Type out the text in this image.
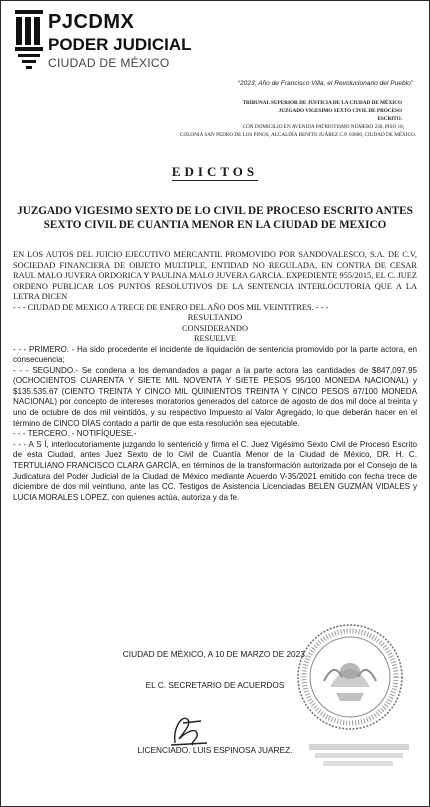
PJCDMX
PODER JUDICIAL
CIUDAD DE MÉXICO
“2023; Año de Francisco Villa, el Revolucionario del Pueblo”
TRIBUNAL SUPERIOR DE JUSTICIA DE LA CIUDAD DE MÉXICO
JUZGADO VIGESIMO SEXTO CIVIL DE PROCESO
ESCRITO.
CON DOMICILIO EN AVENIDA PATRIOTISMO NÚMERO 230, PISO 18,
COLONIA SAN PEDRO DE LOS PINOS, ALCALDÍA BENITO JUÁREZ C.P. 03800, CIUDAD DE MÉXICO.
EDICTOS
JUZGADO VIGESIMO SEXTO DE LO CIVIL DE PROCESO ESCRITO ANTES SEXTO CIVIL DE CUANTIA MENOR EN LA CIUDAD DE MEXICO

EN LOS AUTOS DEL JUICIO EJECUTIVO MERCANTIL PROMOVIDO POR SANDOVALESCO, S.A. DE C.V, SOCIEDAD FINANCIERA DE OBJETO MULTIPLE, ENTIDAD NO REGULADA, EN CONTRA DE CESAR RAUL MALO JUVERA ORDORICA Y PAULINA MALO JUVERA GARCIA. EXPEDIENTE 955/2015, EL C. JUEZ ORDENO PUBLICAR LOS PUNTOS RESOLUTIVOS DE LA SENTENCIA INTERLOCUTORIA QUE A LA LETRA DICEN

- - - CIUDAD DE MEXICO A TRECE DE ENERO DEL AÑO DOS MIL VEINTITRES. - - -

RESULTANDO

CONSIDERANDO

RESUELVE

- - - PRIMERO. - Ha sido procedente el incidente de liquidación de sentencia promovido por la parte actora, en consecuencia;

- - - SEGUNDO.- Se condena a los demandados a pagar a la parte actora las cantidades de $847,097.95 (OCHOCIENTOS CUARENTA Y SIETE MIL NOVENTA Y SIETE PESOS 95/100 MONEDA NACIONAL) y $135.535.67 (CIENTO TREINTA Y CINCO MIL QUINIENTOS TREINTA Y CINCO PESOS 67/100 MONEDA NACIONAL) por concepto de intereses moratorios generados del catorce de agosto de dos mil doce al treinta y uno de octubre de dos mil veintidós, y su respectivo Impuesto al Valor Agregado, lo que deberán hacer en el término de CINCO DÍAS contado a partir de que esta resolución sea ejecutable.

- - - TERCERO. - NOTIFÍQUESE.-

- - - A S Í, interlocutoriamente juzgando lo sentenció y firma el C. Juez Vigésimo Sexto Civil de Proceso Escrito de esta Ciudad, antes Juez Sexto de lo Civil de Cuantía Menor de la Ciudad de México, DR. H. C. TERTULIANO FRANCISCO CLARA GARCÍA, en términos de la transformación autorizada por el Consejo de la Judicatura del Poder Judicial de la Ciudad de México mediante Acuerdo V-35/2021 emitido con fecha trece de diciembre de dos mil veintiuno, ante las CC. Testigos de Asistencia Licenciadas BELÉN GUZMÁN VIDALES y LUCIA MORALES LÓPEZ, con quienes actúa, autoriza y da fe.

CIUDAD DE MÉXICO, A 10 DE MARZO DE 2023.
EL C. SECRETARIO DE ACUERDOS
LICENCIADO. LUIS ESPINOSA JUAREZ.
